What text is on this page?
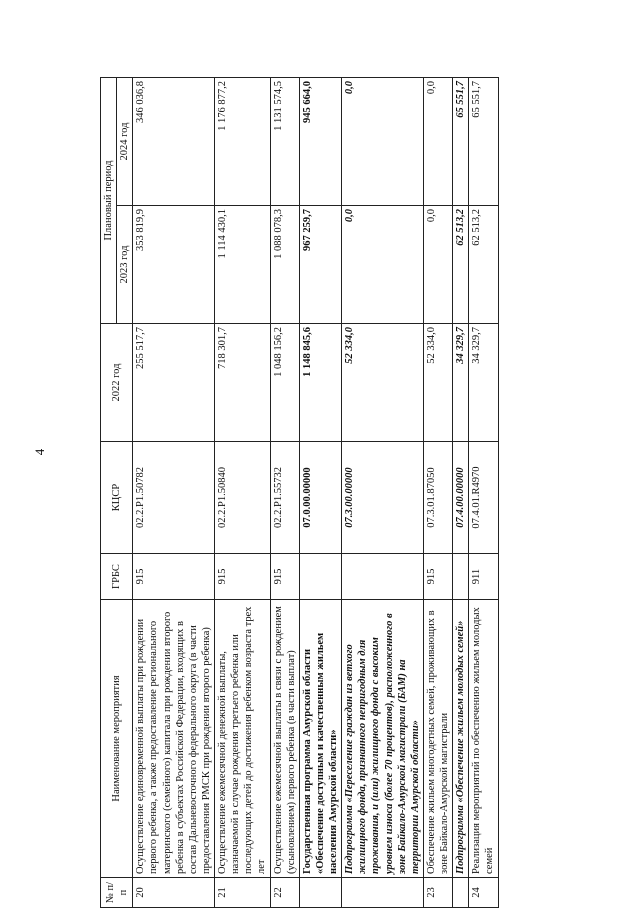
4
№ п/п	Наименование мероприятия	ГРБС	КЦСР	2022 год	Плановый период	
					2023 год	2024 год
20	Осуществление единовременной выплаты при рождении первого ребенка, а также предоставление регионального материнского (семейного) капитала при рождении второго ребенка в субъектах Российской Федерации, входящих в состав Дальневосточного федерального округа (в части предоставления РМСК при рождении второго ребенка)	915	02.2.P1.50782	255 517,7	353 819,9	346 036,8
21	Осуществление ежемесячной денежной выплаты, назначаемой в случае рождения третьего ребенка или последующих детей до достижения ребенком возраста трех лет	915	02.2.P1.50840	718 301,7	1 114 430,1	1 176 877,2
22	Осуществление ежемесячной выплаты в связи с рождением (усыновлением) первого ребенка (в части выплат)	915	02.2.P1.55732	1 048 156,2	1 088 078,3	1 131 574,5
	Государственная программа Амурской области «Обеспечение доступным и качественным жильем населения Амурской области»		07.0.00.00000	1 148 845,6	967 259,7	945 664,0
	Подпрограмма «Переселение граждан из ветхого жилищного фонда, признанного непригодным для проживания, и (или) жилищного фонда с высоким уровнем износа (более 70 процентов), расположенного в зоне Байкало-Амурской магистрали (БАМ) на территории Амурской области»		07.3.00.00000	52 334,0	0,0	0,0
23	Обеспечение жильем многодетных семей, проживающих в зоне Байкало-Амурской магистрали	915	07.3.01.87050	52 334,0	0,0	0,0
	Подпрограмма «Обеспечение жильем молодых семей»		07.4.00.00000	34 329,7	62 513,2	65 551,7
24	Реализация мероприятий по обеспечению жильем молодых семей	911	07.4.01.R4970	34 329,7	62 513,2	65 551,7
